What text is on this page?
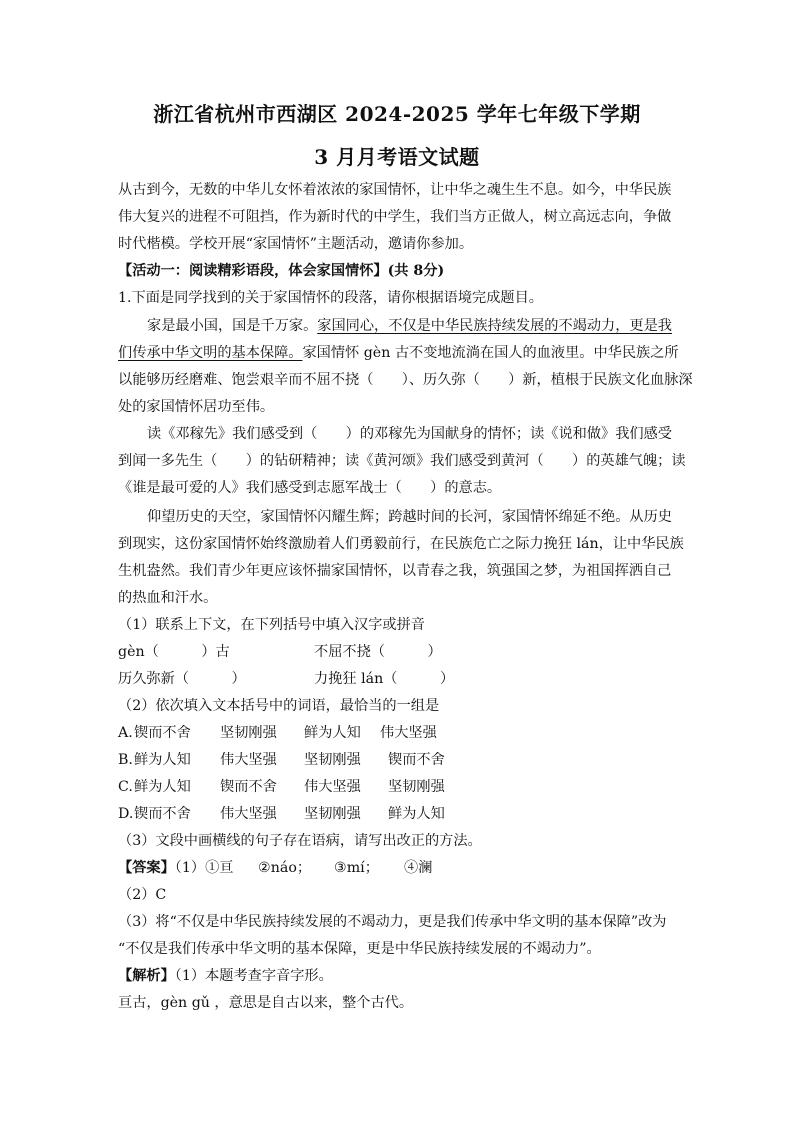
浙江省杭州市西湖区 2024-2025 学年七年级下学期
3 月月考语文试题
从古到今，无数的中华儿女怀着浓浓的家国情怀，让中华之魂生生不息。如今，中华民族
伟大复兴的进程不可阻挡，作为新时代的中学生，我们当方正做人，树立高远志向，争做
时代楷模。学校开展“家国情怀”主题活动，邀请你参加。
【活动一：阅读精彩语段，体会家国情怀】(共 8分)
1.下面是同学找到的关于家国情怀的段落，请你根据语境完成题目。
家是最小国，国是千万家。家国同心，不仅是中华民族持续发展的不竭动力，更是我
们传承中华文明的基本保障。家国情怀 gèn 古不变地流淌在国人的血液里。中华民族之所
以能够历经磨难、饱尝艰辛而不屈不挠（　　）、历久弥（　　）新，植根于民族文化血脉深
处的家国情怀居功至伟。
读《邓稼先》我们感受到（　　）的邓稼先为国献身的情怀；读《说和做》我们感受
到闻一多先生（　　）的钻研精神；读《黄河颂》我们感受到黄河（　　）的英雄气魄；读
《谁是最可爱的人》我们感受到志愿军战士（　　）的意志。
仰望历史的天空，家国情怀闪耀生辉；跨越时间的长河，家国情怀绵延不绝。从历史
到现实，这份家国情怀始终激励着人们勇毅前行，在民族危亡之际力挽狂 lán，让中华民族
生机盎然。我们青少年更应该怀揣家国情怀，以青春之我，筑强国之梦，为祖国挥洒自己
的热血和汗水。
（1）联系上下文，在下列括号中填入汉字或拼音
gèn（　　　）古	不屈不挠（　　　）
历久弥新（　　　）	力挽狂 lán（　　　）
（2）依次填入文本括号中的词语，最恰当的一组是
A. 锲而不舍 坚韧刚强 鲜为人知 伟大坚强
B. 鲜为人知 伟大坚强 坚韧刚强 锲而不舍
C. 鲜为人知 锲而不舍 伟大坚强 坚韧刚强
D. 锲而不舍 伟大坚强 坚韧刚强 鲜为人知
（3）文段中画横线的句子存在语病，请写出改正的方法。
【答案】（1）①亘 ②náo； ③mí； ④澜
（2）C
（3）将“不仅是中华民族持续发展的不竭动力，更是我们传承中华文明的基本保障”改为
“不仅是我们传承中华文明的基本保障，更是中华民族持续发展的不竭动力”。
【解析】（1）本题考查字音字形。
亘古，gèn gǔ ，意思是自古以来，整个古代。
